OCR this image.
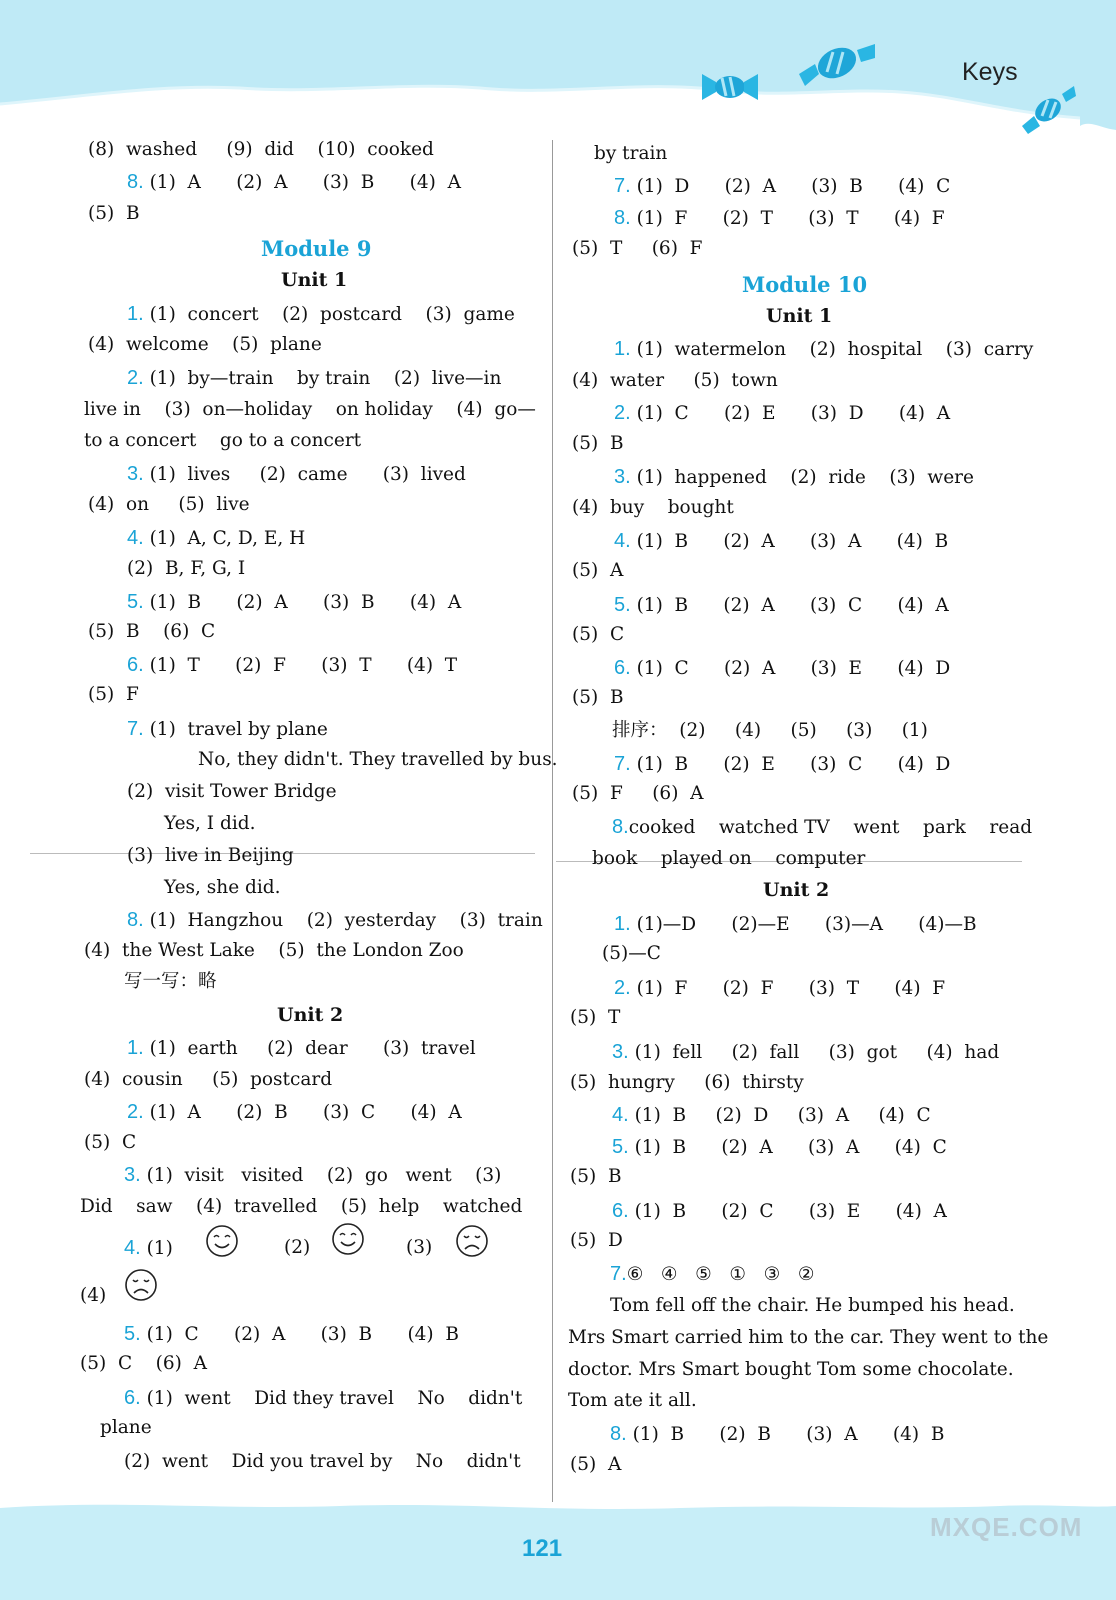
Keys
(8)  washed     (9)  did    (10)  cooked
8. (1)  A      (2)  A      (3)  B      (4)  A
(5)  B
Module 9
Unit 1
1. (1)  concert    (2)  postcard    (3)  game
(4)  welcome    (5)  plane
2. (1)  by—train    by train    (2)  live—in
live in    (3)  on—holiday    on holiday    (4)  go—
to a concert    go to a concert
3. (1)  lives     (2)  came      (3)  lived
(4)  on     (5)  live
4. (1)  A, C, D, E, H
(2)  B, F, G, I
5. (1)  B      (2)  A      (3)  B      (4)  A
(5)  B    (6)  C
6. (1)  T      (2)  F      (3)  T      (4)  T
(5)  F
7. (1)  travel by plane
No, they didn't. They travelled by bus.
(2)  visit Tower Bridge
Yes, I did.
(3)  live in Beijing
Yes, she did.
8. (1)  Hangzhou    (2)  yesterday    (3)  train
(4)  the West Lake    (5)  the London Zoo
写一写：略
Unit 2
1. (1)  earth     (2)  dear      (3)  travel
(4)  cousin     (5)  postcard
2. (1)  A      (2)  B      (3)  C      (4)  A
(5)  C
3. (1)  visit   visited    (2)  go   went    (3)
Did    saw    (4)  travelled    (5)  help    watched
4. (1)	(2)	(3)
(4)
5. (1)  C      (2)  A      (3)  B      (4)  B
(5)  C    (6)  A
6. (1)  went    Did they travel    No    didn't
plane
(2)  went    Did you travel by    No    didn't
by train
7. (1)  D      (2)  A      (3)  B      (4)  C
8. (1)  F      (2)  T      (3)  T      (4)  F
(5)  T     (6)  F
Module 10
Unit 1
1. (1)  watermelon    (2)  hospital    (3)  carry
(4)  water     (5)  town
2. (1)  C      (2)  E      (3)  D      (4)  A
(5)  B
3. (1)  happened    (2)  ride    (3)  were
(4)  buy    bought
4. (1)  B      (2)  A      (3)  A      (4)  B
(5)  A
5. (1)  B      (2)  A      (3)  C      (4)  A
(5)  C
6. (1)  C      (2)  A      (3)  E      (4)  D
(5)  B
排序：  (2)     (4)     (5)     (3)     (1)
7. (1)  B      (2)  E      (3)  C      (4)  D
(5)  F     (6)  A
8.cooked    watched TV    went    park    read
book    played on    computer
Unit 2
1. (1)—D      (2)—E      (3)—A      (4)—B
(5)—C
2. (1)  F      (2)  F      (3)  T      (4)  F
(5)  T
3. (1)  fell     (2)  fall     (3)  got     (4)  had
(5)  hungry     (6)  thirsty
4. (1)  B     (2)  D     (3)  A     (4)  C
5. (1)  B      (2)  A      (3)  A      (4)  C
(5)  B
6. (1)  B      (2)  C      (3)  E      (4)  A
(5)  D
7.⑥   ④   ⑤   ①   ③   ②
Tom fell off the chair. He bumped his head.
Mrs Smart carried him to the car. They went to the
doctor. Mrs Smart bought Tom some chocolate.
Tom ate it all.
8. (1)  B      (2)  B      (3)  A      (4)  B
(5)  A
121
MXQE.COM
